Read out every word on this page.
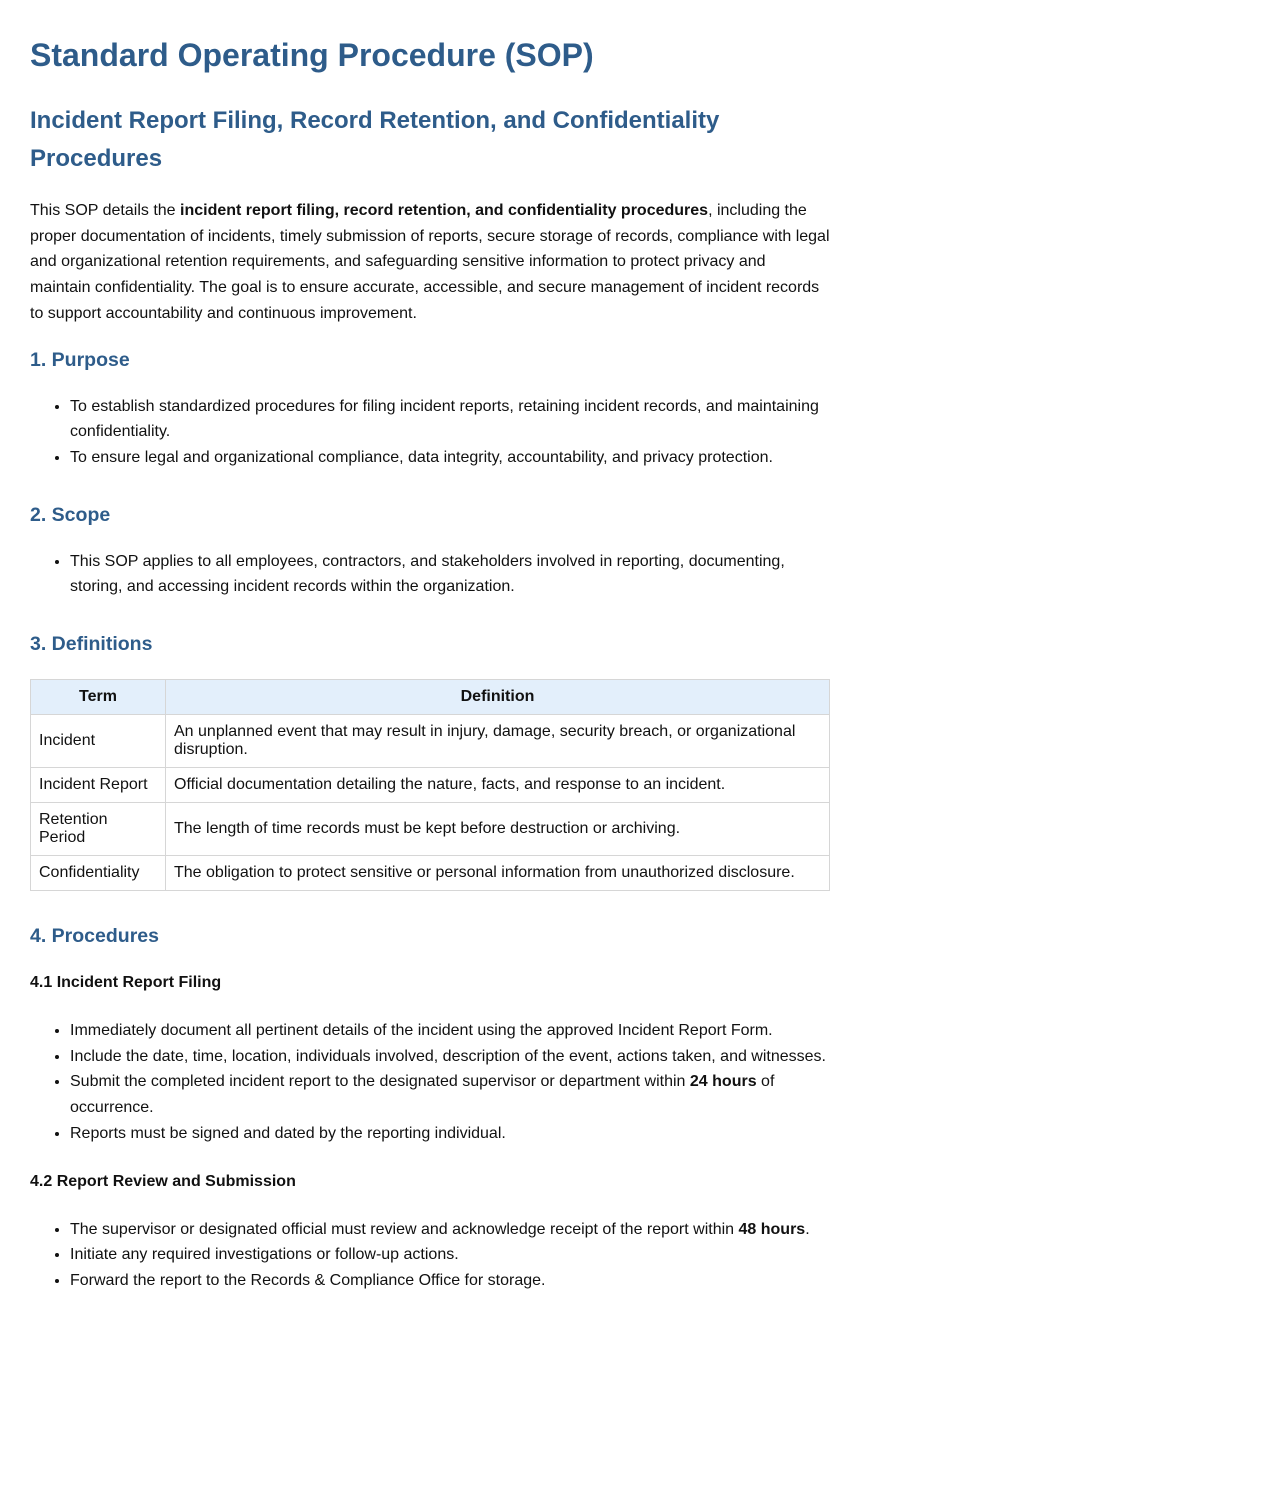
Standard Operating Procedure (SOP)
Incident Report Filing, Record Retention, and Confidentiality Procedures

This SOP details the incident report filing, record retention, and confidentiality procedures, including the proper documentation of incidents, timely submission of reports, secure storage of records, compliance with legal and organizational retention requirements, and safeguarding sensitive information to protect privacy and maintain confidentiality. The goal is to ensure accurate, accessible, and secure management of incident records to support accountability and continuous improvement.

1. Purpose
• To establish standardized procedures for filing incident reports, retaining incident records, and maintaining confidentiality.
• To ensure legal and organizational compliance, data integrity, accountability, and privacy protection.
2. Scope
• This SOP applies to all employees, contractors, and stakeholders involved in reporting, documenting, storing, and accessing incident records within the organization.
3. Definitions
Term	Definition
Incident	An unplanned event that may result in injury, damage, security breach, or organizational disruption.
Incident Report	Official documentation detailing the nature, facts, and response to an incident.
Retention Period	The length of time records must be kept before destruction or archiving.
Confidentiality	The obligation to protect sensitive or personal information from unauthorized disclosure.
4. Procedures
4.1 Incident Report Filing
• Immediately document all pertinent details of the incident using the approved Incident Report Form.
• Include the date, time, location, individuals involved, description of the event, actions taken, and witnesses.
• Submit the completed incident report to the designated supervisor or department within 24 hours of occurrence.
• Reports must be signed and dated by the reporting individual.
4.2 Report Review and Submission
• The supervisor or designated official must review and acknowledge receipt of the report within 48 hours.
• Initiate any required investigations or follow-up actions.
• Forward the report to the Records & Compliance Office for storage.
